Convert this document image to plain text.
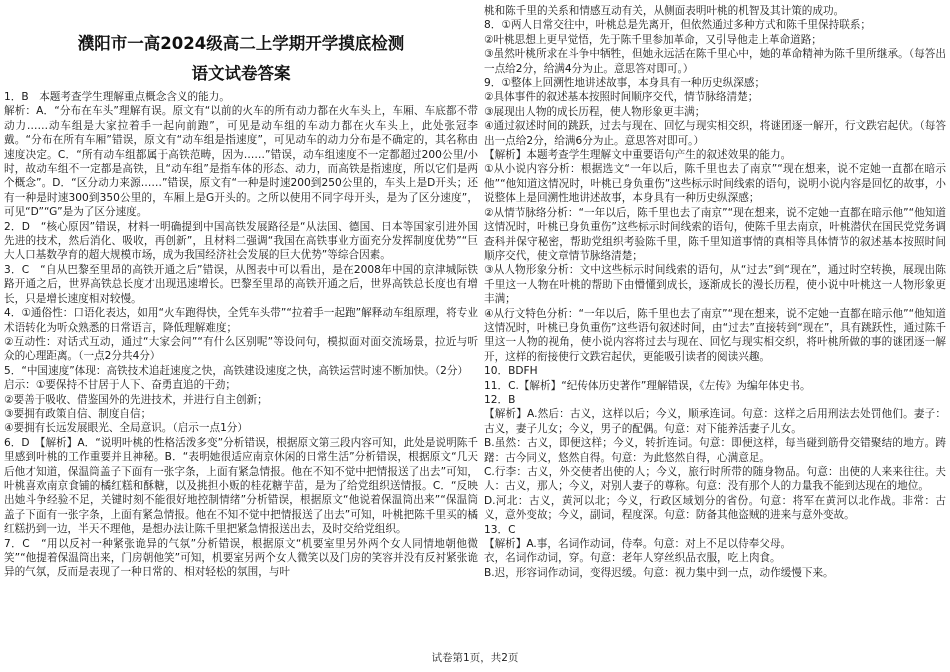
濮阳市一高2024级高二上学期开学摸底检测
语文试卷答案

1．B　本题考查学生理解重点概念含义的能力。

解析：A．“分布在车头”理解有误。原文有“以前的火车的所有动力都在火车头上，车厢、车底都不带动力……动车组是大家拉着手一起向前跑”，可见是动车组的车动力都在火车头上，此处张冠李戴。“分布在所有车厢”错误，原文有“动车组是指速度”，可见动车的动力分布是不确定的，其名称由速度决定。C．“所有动车组都属于高铁范畴，因为……”错误，动车组速度不一定都超过200公里/小时，故动车组不一定都是高铁，且“动车组”是指车体的形态、动力，而高铁是指速度，所以它们是两个概念”。D．“区分动力来源……”错误，原文有“一种是时速200到250公里的，车头上是D开头；还有一种是时速300到350公里的，车厢上是G开头的。之所以使用不同字母开头，是为了区分速度”，可见“D”“G”是为了区分速度。

2．D　“核心原因”错误，材料一明确提到中国高铁发展路径是“从法国、德国、日本等国家引进外国先进的技术，然后消化、吸收，再创新”，且材料二强调“我国在高铁事业方面充分发挥制度优势”“巨大人口基数孕育的超大规模市场，成为我国经济社会发展的巨大优势”等综合因素。

3．C　“自从巴黎至里昂的高铁开通之后”错误，从图表中可以看出，是在2008年中国的京津城际铁路开通之后，世界高铁总长度才出现迅速增长。巴黎至里昂的高铁开通之后，世界高铁总长度也有增长，只是增长速度相对较慢。

4．①通俗性：口语化表达，如用“火车跑得快，全凭车头带”“拉着手一起跑”解释动车组原理，将专业术语转化为听众熟悉的日常语言，降低理解难度；

②互动性：对话式互动，通过“大家会问”“有什么区别呢”等设问句，模拟面对面交流场景，拉近与听众的心理距离。（一点2分共4分）

5．“中国速度”体现：高铁技术追赶速度之快，高铁建设速度之快，高铁运营时速不断加快。（2分）

启示：①要保持不甘居于人下、奋勇直追的干劲；

②要善于吸收、借鉴国外的先进技术，并进行自主创新；

③要拥有政策自信、制度自信；

④要拥有长远发展眼光、全局意识。（启示一点1分）

6．D　【解析】A．“说明叶桃的性格活泼多变”分析错误，根据原文第三段内容可知，此处是说明陈千里感到叶桃的工作重要并且神秘。B．“表明她很适应南京休闲的日常生活”分析错误，根据原文“几天后他才知道，保温筒盖子下面有一张字条，上面有紧急情报。他在不知不觉中把情报送了出去”可知，叶桃喜欢南京食铺的橘红糕和酥糖，以及挑担小贩的桂花糖芋苗，是为了给党组织送情报。C．“反映出她斗争经验不足，关键时刻不能很好地控制情绪”分析错误，根据原文“他说着保温筒出来”“保温筒盖子下面有一张字条，上面有紧急情报。他在不知不觉中把情报送了出去”可知，叶桃把陈千里买的橘红糕扔到一边，半天不理他，是想办法让陈千里把紧急情报送出去，及时交给党组织。

7．C　“用以反衬一种紧张诡异的气氛”分析错误，根据原文“机要室里另外两个女人同情地朝他微笑”“他提着保温筒出来，门房朝他笑”可知，机要室另两个女人微笑以及门房的笑容并没有反衬紧张诡异的气氛，反而是表现了一种日常的、相对轻松的氛围，与叶

桃和陈千里的关系和情感互动有关，从侧面表明叶桃的机智及其计策的成功。

8．①两人日常交往中，叶桃总是先离开，但依然通过多种方式和陈千里保持联系；

②叶桃思想上更早觉悟，先于陈千里参加革命，又引导他走上革命道路；

③虽然叶桃所求在斗争中牺牲，但她永远活在陈千里心中，她的革命精神为陈千里所继承。（每答出一点给2分，给满4分为止。意思答对即可。）

9．①整体上回溯性地讲述故事，本身具有一种历史纵深感；

②具体事件的叙述基本按照时间顺序交代，情节脉络清楚；

③展现出人物的成长历程，使人物形象更丰满；

④通过叙述时间的跳跃，过去与现在、回忆与现实相交织，将谜团逐一解开，行文跌宕起伏。（每答出一点给2分，给满6分为止。意思答对即可。）

【解析】本题考查学生理解文中重要语句产生的叙述效果的能力。

①从小说内容分析：根据选文“一年以后，陈千里也去了南京”“现在想来，说不定她一直都在暗示他”“他知道这情况时，叶桃已身负重伤”这些标示时间线索的语句，说明小说内容是回忆的故事，小说整体上是回溯性地讲述故事，本身具有一种历史纵深感；

②从情节脉络分析：“一年以后，陈千里也去了南京”“现在想来，说不定她一直都在暗示他”“他知道这情况时，叶桃已身负重伤”这些标示时间线索的语句，使陈千里去南京，叶桃潜伏在国民党党务调查科并保守秘密，帮助党组织考验陈千里，陈千里知道事情的真相等具体情节的叙述基本按照时间顺序交代，使文章情节脉络清楚；

③从人物形象分析：文中这些标示时间线索的语句，从“过去”到“现在”，通过时空转换，展现出陈千里这一人物在叶桃的帮助下由懵懂到成长，逐渐成长的漫长历程，使小说中叶桃这一人物形象更丰满；

④从行文特色分析：“一年以后，陈千里也去了南京”“现在想来，说不定她一直都在暗示他”“他知道这情况时，叶桃已身负重伤”这些语句叙述时间，由“过去”直接转到“现在”，具有跳跃性，通过陈千里这一人物的视角，使小说内容将过去与现在、回忆与现实相交织，将叶桃所做的事的谜团逐一解开，这样的衔接使行文跌宕起伏，更能吸引读者的阅读兴趣。

10．BDFH

11．C.【解析】“纪传体历史著作”理解错误，《左传》为编年体史书。

12．B

【解析】A.然后：古义，这样以后；今义，顺承连词。句意：这样之后用刑法去处罚他们。妻子：古义，妻子儿女；今义，男子的配偶。句意：对下能养活妻子儿女。

B.虽然：古义，即便这样；今义，转折连词。句意：即便这样，每当碰到筋骨交错聚结的地方。踌躇：古今同义，悠然自得。句意：为此悠然自得，心满意足。

C.行李：古义，外交使者出使的人；今义，旅行时所带的随身物品。句意：出使的人来来往往。夫人：古义，那人；今义，对别人妻子的尊称。句意：没有那个人的力量我不能到达现在的地位。

D.河北：古义，黄河以北；今义，行政区域划分的省份。句意：将军在黄河以北作战。非常：古义，意外变故；今义，副词，程度深。句意：防备其他盗贼的进来与意外变故。

13．C

【解析】A.事，名词作动词，侍奉。句意：对上不足以侍奉父母。

衣，名词作动词，穿。句意：老年人穿丝织品衣服，吃上肉食。

B.迟，形容词作动词，变得迟缓。句意：视力集中到一点，动作缓慢下来。

试卷第1页，共2页
